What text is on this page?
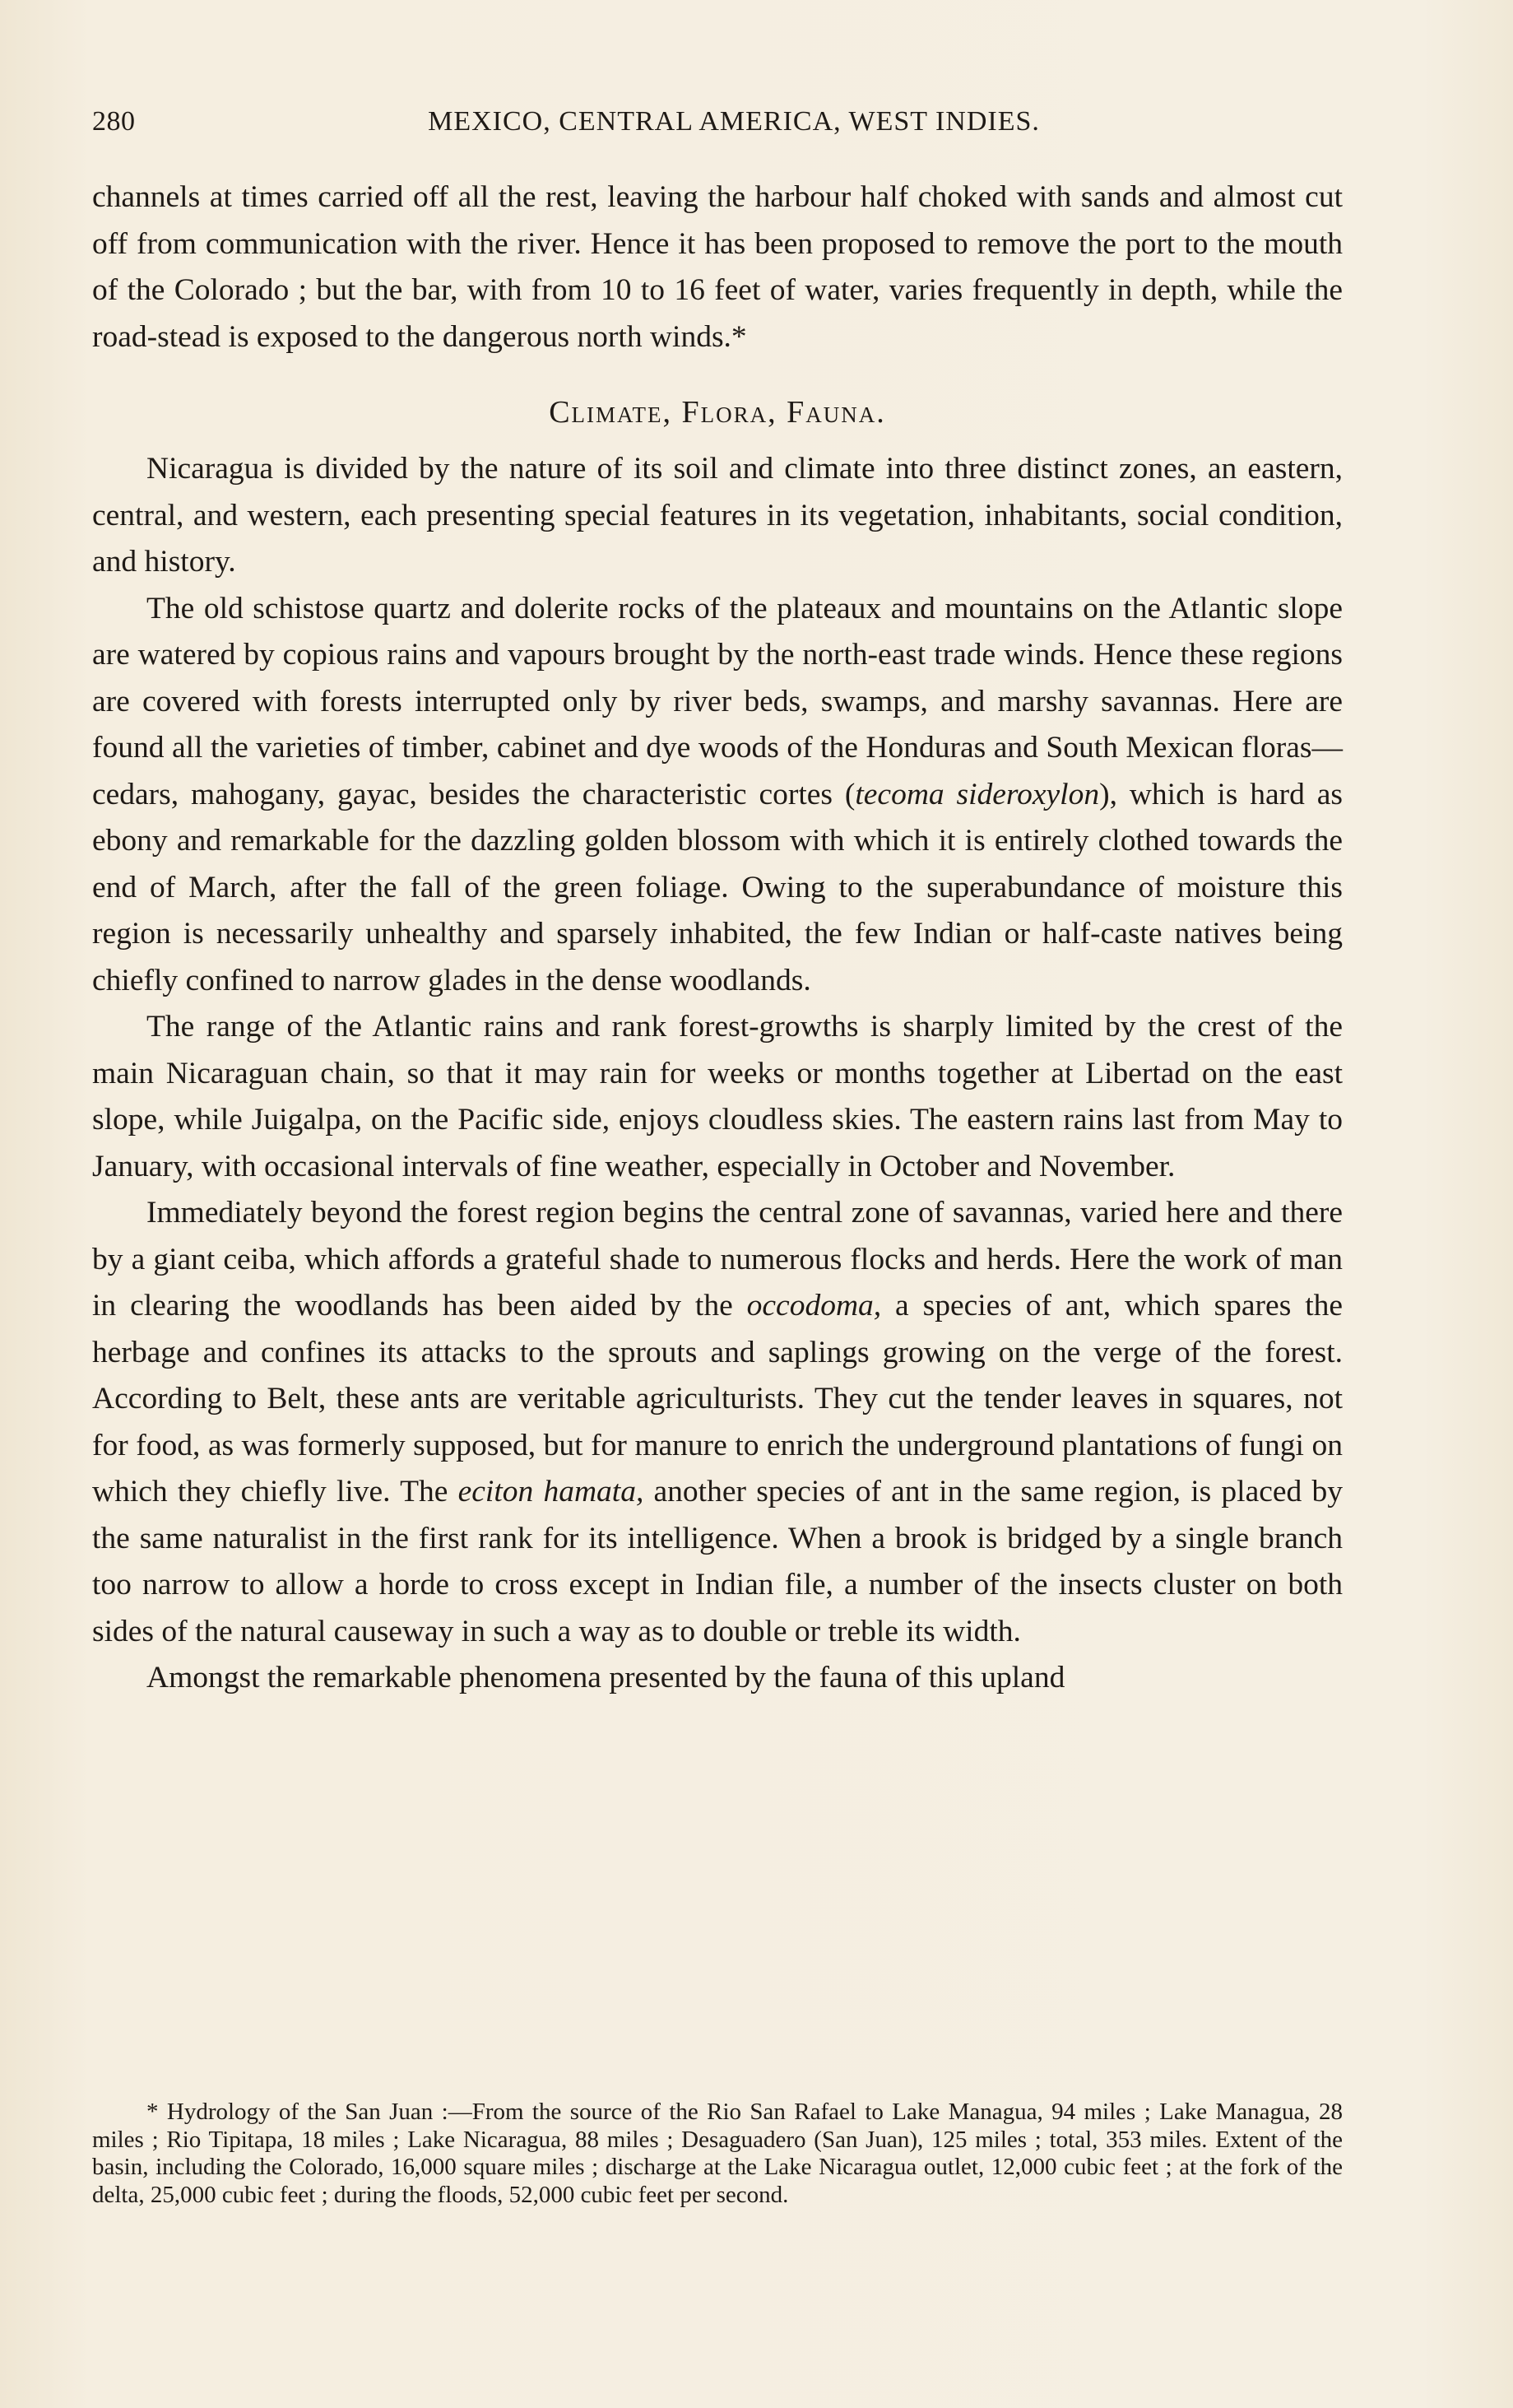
280	MEXICO, CENTRAL AMERICA, WEST INDIES.

channels at times carried off all the rest, leaving the harbour half choked with sands and almost cut off from communication with the river. Hence it has been proposed to remove the port to the mouth of the Colorado ; but the bar, with from 10 to 16 feet of water, varies frequently in depth, while the road-stead is exposed to the dangerous north winds.*

Climate, Flora, Fauna.

Nicaragua is divided by the nature of its soil and climate into three distinct zones, an eastern, central, and western, each presenting special features in its vegetation, inhabitants, social condition, and history.

The old schistose quartz and dolerite rocks of the plateaux and mountains on the Atlantic slope are watered by copious rains and vapours brought by the north-east trade winds. Hence these regions are covered with forests interrupted only by river beds, swamps, and marshy savannas. Here are found all the varieties of timber, cabinet and dye woods of the Honduras and South Mexican floras—cedars, mahogany, gayac, besides the characteristic cortes (tecoma sideroxylon), which is hard as ebony and remarkable for the dazzling golden blossom with which it is entirely clothed towards the end of March, after the fall of the green foliage. Owing to the superabundance of moisture this region is necessarily unhealthy and sparsely inhabited, the few Indian or half-caste natives being chiefly confined to narrow glades in the dense woodlands.

The range of the Atlantic rains and rank forest-growths is sharply limited by the crest of the main Nicaraguan chain, so that it may rain for weeks or months together at Libertad on the east slope, while Juigalpa, on the Pacific side, enjoys cloudless skies. The eastern rains last from May to January, with occasional intervals of fine weather, especially in October and November.

Immediately beyond the forest region begins the central zone of savannas, varied here and there by a giant ceiba, which affords a grateful shade to numerous flocks and herds. Here the work of man in clearing the woodlands has been aided by the occodoma, a species of ant, which spares the herbage and confines its attacks to the sprouts and saplings growing on the verge of the forest. According to Belt, these ants are veritable agriculturists. They cut the tender leaves in squares, not for food, as was formerly supposed, but for manure to enrich the underground plantations of fungi on which they chiefly live. The eciton hamata, another species of ant in the same region, is placed by the same naturalist in the first rank for its intelligence. When a brook is bridged by a single branch too narrow to allow a horde to cross except in Indian file, a number of the insects cluster on both sides of the natural causeway in such a way as to double or treble its width.

Amongst the remarkable phenomena presented by the fauna of this upland

* Hydrology of the San Juan :—From the source of the Rio San Rafael to Lake Managua, 94 miles ; Lake Managua, 28 miles ; Rio Tipitapa, 18 miles ; Lake Nicaragua, 88 miles ; Desaguadero (San Juan), 125 miles ; total, 353 miles. Extent of the basin, including the Colorado, 16,000 square miles ; discharge at the Lake Nicaragua outlet, 12,000 cubic feet ; at the fork of the delta, 25,000 cubic feet ; during the floods, 52,000 cubic feet per second.
